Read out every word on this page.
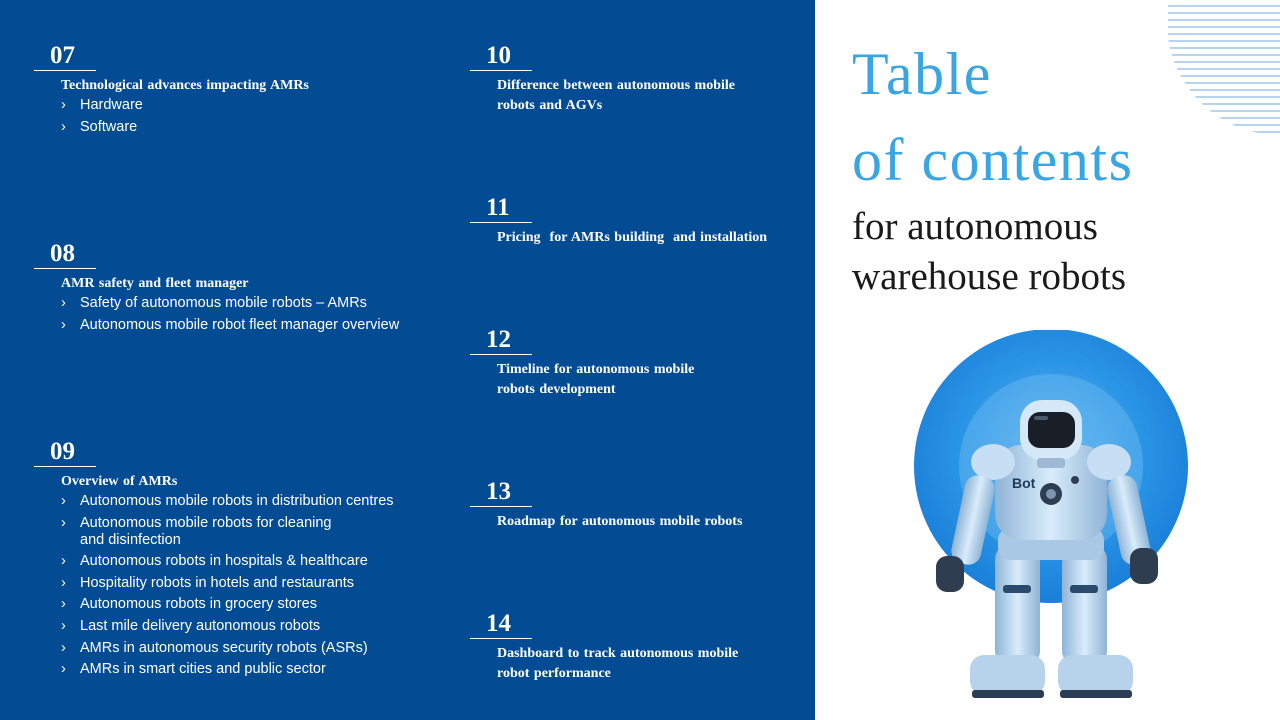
07
Technological advances impacting AMRs
› Hardware
› Software
08
AMR safety and fleet manager
› Safety of autonomous mobile robots – AMRs
› Autonomous mobile robot fleet manager overview
09
Overview of AMRs
› Autonomous mobile robots in distribution centres
› Autonomous mobile robots for cleaning
and disinfection
› Autonomous robots in hospitals & healthcare
› Hospitality robots in hotels and restaurants
› Autonomous robots in grocery stores
› Last mile delivery autonomous robots
› AMRs in autonomous security robots (ASRs)
› AMRs in smart cities and public sector
10
Difference between autonomous mobile
robots and AGVs
11
Pricing  for AMRs building  and installation
12
Timeline for autonomous mobile
robots development
13
Roadmap for autonomous mobile robots
14
Dashboard to track autonomous mobile
robot performance
Table
of contents
for autonomous
warehouse robots
Bot
